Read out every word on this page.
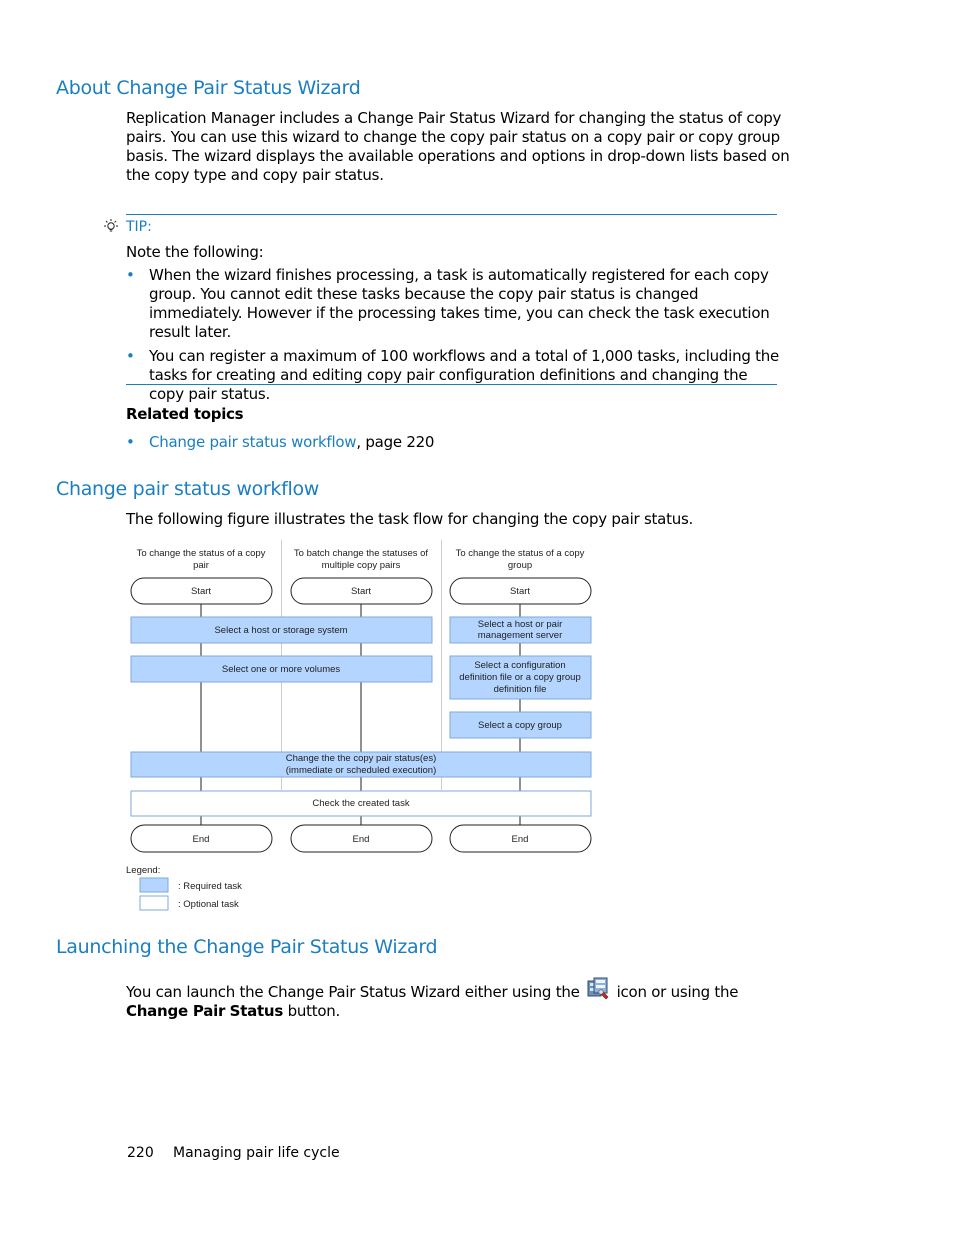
About Change Pair Status Wizard

Replication Manager includes a Change Pair Status Wizard for changing the status of copy pairs. You can use this wizard to change the copy pair status on a copy pair or copy group basis. The wizard displays the available operations and options in drop-down lists based on the copy type and copy pair status.

TIP:

Note the following:

• When the wizard finishes processing, a task is automatically registered for each copy group. You cannot edit these tasks because the copy pair status is changed immediately. However if the processing takes time, you can check the task execution result later.
• You can register a maximum of 100 workflows and a total of 1,000 tasks, including the tasks for creating and editing copy pair configuration definitions and changing the copy pair status.
Related topics
• Change pair status workflow, page 220
Change pair status workflow

The following figure illustrates the task flow for changing the copy pair status.

To change the status of a copy
pair
To batch change the statuses of
multiple copy pairs
To change the status of a copy
group
Start	Start	Start
Select a host or storage system
Select one or more volumes
Select a host or pair
management server
Select a configuration
definition file or a copy group
definition file
Select a copy group
Change the the copy pair status(es)
(immediate or scheduled execution)
Check the created task
End	End	End
Legend:
: Required task
: Optional task
Launching the Change Pair Status Wizard

You can launch the Change Pair Status Wizard either using the icon or using the Change Pair Status button.

220 Managing pair life cycle
